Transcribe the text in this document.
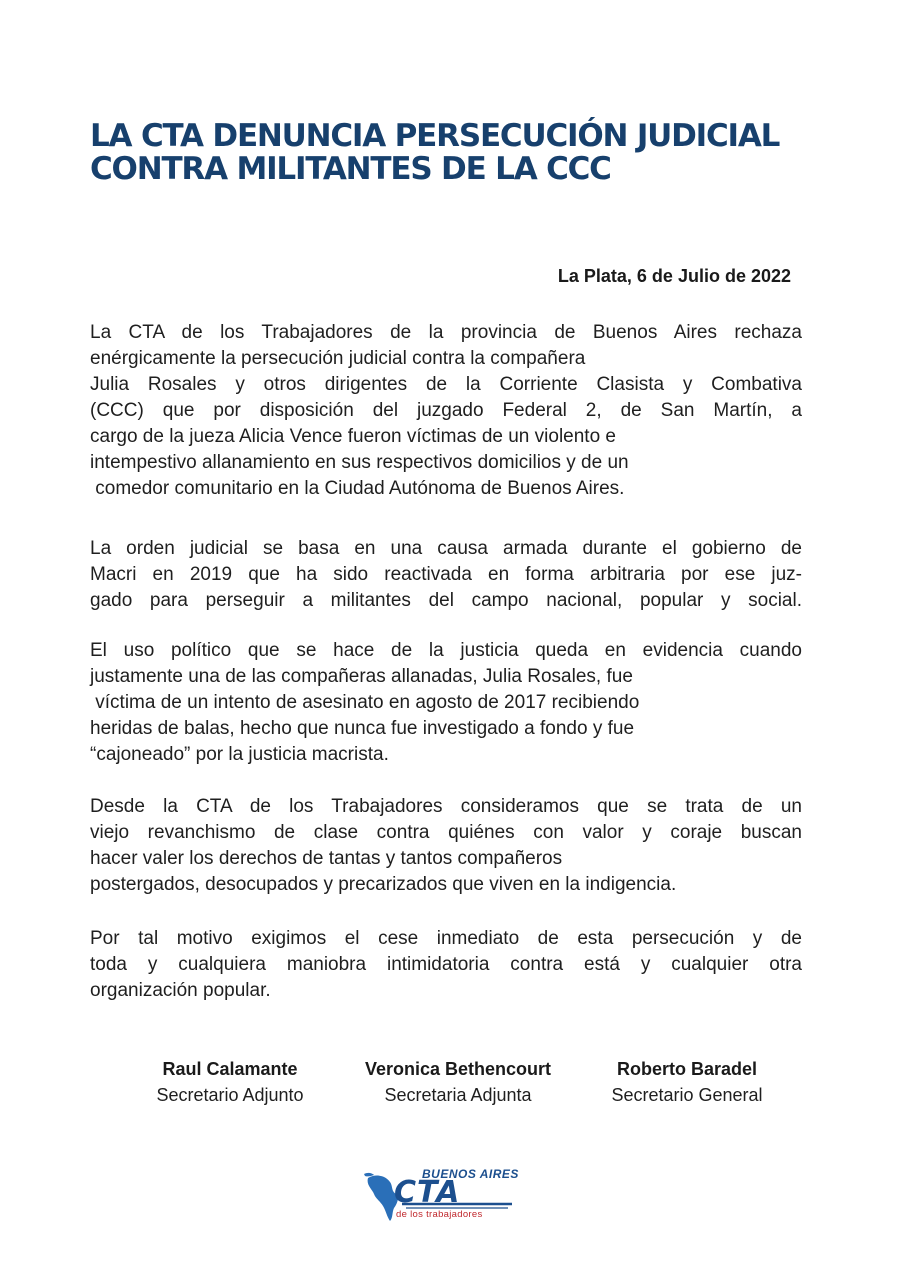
LA CTA DENUNCIA PERSECUCIÓN JUDICIAL
CONTRA MILITANTES DE LA CCC
La Plata, 6 de Julio de 2022
La CTA de los Trabajadores de la provincia de Buenos Aires rechaza
enérgicamente la persecución judicial contra la compañera
Julia Rosales y otros dirigentes de la Corriente Clasista y Combativa
(CCC) que por disposición del juzgado Federal 2, de San Martín, a
cargo de la jueza Alicia Vence fueron víctimas de un violento e
intempestivo allanamiento en sus respectivos domicilios y de un
comedor comunitario en la Ciudad Autónoma de Buenos Aires.
La orden judicial se basa en una causa armada durante el gobierno de
Macri en 2019 que ha sido reactivada en forma arbitraria por ese juz-
gado para perseguir a militantes del campo nacional, popular y social.
El uso político que se hace de la justicia queda en evidencia cuando
justamente una de las compañeras allanadas, Julia Rosales, fue
víctima de un intento de asesinato en agosto de 2017 recibiendo
heridas de balas, hecho que nunca fue investigado a fondo y fue
“cajoneado” por la justicia macrista.
Desde la CTA de los Trabajadores consideramos que se trata de un
viejo revanchismo de clase contra quiénes con valor y coraje buscan
hacer valer los derechos de tantas y tantos compañeros
postergados, desocupados y precarizados que viven en la indigencia.
Por tal motivo exigimos el cese inmediato de esta persecución y de
toda y cualquiera maniobra intimidatoria contra está y cualquier otra
organización popular.
Raul Calamante
Secretario Adjunto
Veronica Bethencourt
Secretaria Adjunta
Roberto Baradel
Secretario General
BUENOS AIRES
CTA
de los trabajadores
